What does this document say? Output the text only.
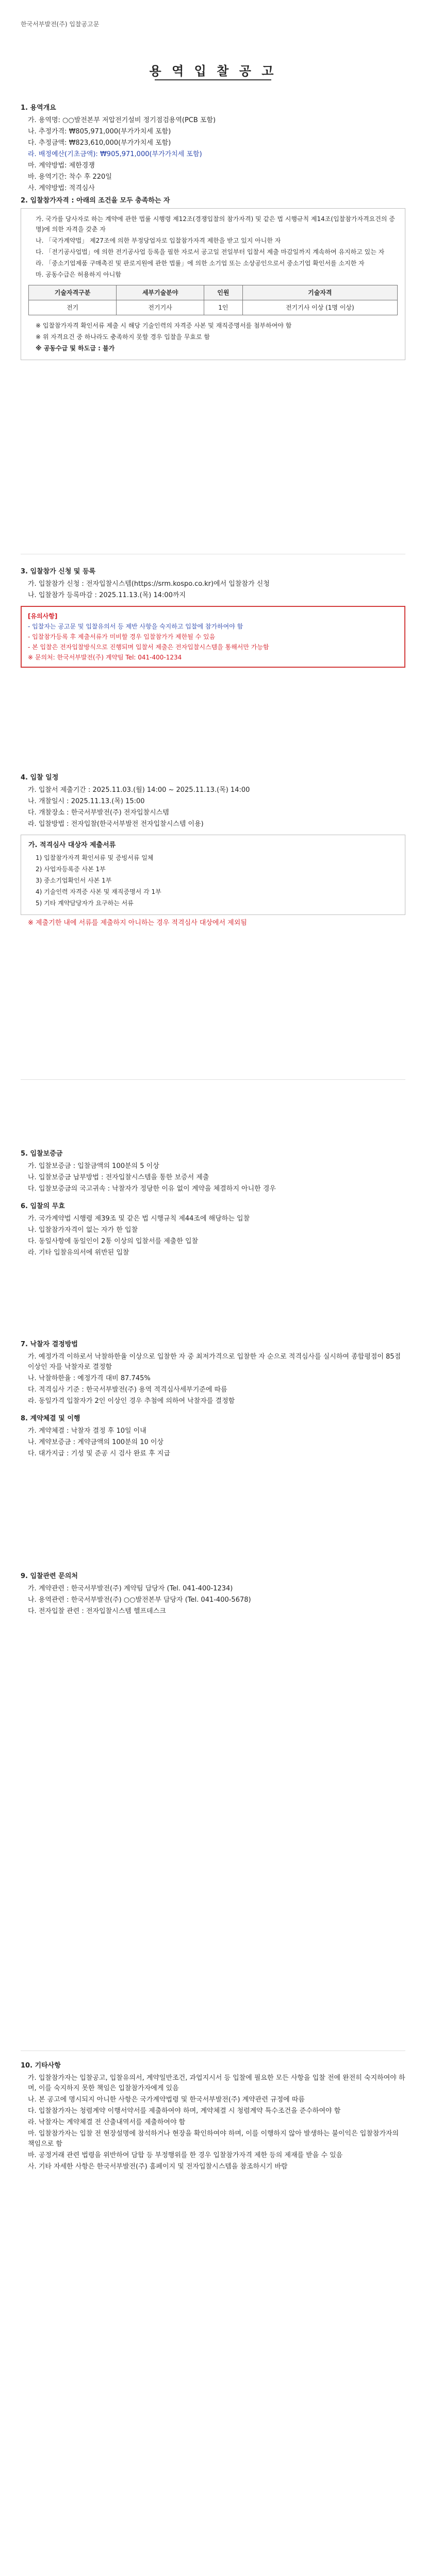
한국서부발전(주) 입찰공고문
용 역 입 찰 공 고
1. 용역개요
가. 용역명: ○○발전본부 저압전기설비 정기점검용역(PCB 포함)
나. 추정가격: ₩805,971,000(부가가치세 포함)
다. 추정금액: ₩823,610,000(부가가치세 포함)
라. 배정예산(기초금액): ₩905,971,000(부가가치세 포함)
마. 계약방법: 제한경쟁
바. 용역기간: 착수 후 220일
사. 계약방법: 적격심사
2. 입찰참가자격 : 아래의 조건을 모두 충족하는 자
가. 국가를 당사자로 하는 계약에 관한 법률 시행령 제12조(경쟁입찰의 참가자격) 및 같은 법 시행규칙 제14조(입찰참가자격요건의 증명)에 의한 자격을 갖춘 자
나. 「국가계약법」 제27조에 의한 부정당업자로 입찰참가자격 제한을 받고 있지 아니한 자
다. 「전기공사업법」에 의한 전기공사업 등록을 필한 자로서 공고일 전일부터 입찰서 제출 마감일까지 계속하여 유지하고 있는 자
라. 「중소기업제품 구매촉진 및 판로지원에 관한 법률」에 의한 소기업 또는 소상공인으로서 중소기업 확인서를 소지한 자
마. 공동수급은 허용하지 아니함
기술자격구분	세부기술분야	인원	기술자격
전기	전기기사	1인	전기기사 이상 (1명 이상)
※ 입찰참가자격 확인서류 제출 시 해당 기술인력의 자격증 사본 및 재직증명서를 첨부하여야 함
※ 위 자격요건 중 하나라도 충족하지 못할 경우 입찰을 무효로 함
※ 공동수급 및 하도급 : 불가
3. 입찰참가 신청 및 등록
가. 입찰참가 신청 : 전자입찰시스템(https://srm.kospo.co.kr)에서 입찰참가 신청
나. 입찰참가 등록마감 : 2025.11.13.(목) 14:00까지
[유의사항]
- 입찰자는 공고문 및 입찰유의서 등 제반 사항을 숙지하고 입찰에 참가하여야 함
- 입찰참가등록 후 제출서류가 미비할 경우 입찰참가가 제한될 수 있음
- 본 입찰은 전자입찰방식으로 진행되며 입찰서 제출은 전자입찰시스템을 통해서만 가능함
※ 문의처: 한국서부발전(주) 계약팀 Tel: 041-400-1234
4. 입찰 일정
가. 입찰서 제출기간 : 2025.11.03.(월) 14:00 ~ 2025.11.13.(목) 14:00
나. 개찰일시 : 2025.11.13.(목) 15:00
다. 개찰장소 : 한국서부발전(주) 전자입찰시스템
라. 입찰방법 : 전자입찰(한국서부발전 전자입찰시스템 이용)
가. 적격심사 대상자 제출서류
1) 입찰참가자격 확인서류 및 증빙서류 일체
2) 사업자등록증 사본 1부
3) 중소기업확인서 사본 1부
4) 기술인력 자격증 사본 및 재직증명서 각 1부
5) 기타 계약담당자가 요구하는 서류
※ 제출기한 내에 서류를 제출하지 아니하는 경우 적격심사 대상에서 제외됨
5. 입찰보증금
가. 입찰보증금 : 입찰금액의 100분의 5 이상
나. 입찰보증금 납부방법 : 전자입찰시스템을 통한 보증서 제출
다. 입찰보증금의 국고귀속 : 낙찰자가 정당한 이유 없이 계약을 체결하지 아니한 경우
6. 입찰의 무효
가. 국가계약법 시행령 제39조 및 같은 법 시행규칙 제44조에 해당하는 입찰
나. 입찰참가자격이 없는 자가 한 입찰
다. 동일사항에 동일인이 2통 이상의 입찰서를 제출한 입찰
라. 기타 입찰유의서에 위반된 입찰
7. 낙찰자 결정방법
가. 예정가격 이하로서 낙찰하한율 이상으로 입찰한 자 중 최저가격으로 입찰한 자 순으로 적격심사를 실시하여 종합평점이 85점 이상인 자를 낙찰자로 결정함
나. 낙찰하한율 : 예정가격 대비 87.745%
다. 적격심사 기준 : 한국서부발전(주) 용역 적격심사세부기준에 따름
라. 동일가격 입찰자가 2인 이상인 경우 추첨에 의하여 낙찰자를 결정함
8. 계약체결 및 이행
가. 계약체결 : 낙찰자 결정 후 10일 이내
나. 계약보증금 : 계약금액의 100분의 10 이상
다. 대가지급 : 기성 및 준공 시 검사 완료 후 지급
9. 입찰관련 문의처
가. 계약관련 : 한국서부발전(주) 계약팀 담당자 (Tel. 041-400-1234)
나. 용역관련 : 한국서부발전(주) ○○발전본부 담당자 (Tel. 041-400-5678)
다. 전자입찰 관련 : 전자입찰시스템 헬프데스크
10. 기타사항
가. 입찰참가자는 입찰공고, 입찰유의서, 계약일반조건, 과업지시서 등 입찰에 필요한 모든 사항을 입찰 전에 완전히 숙지하여야 하며, 이를 숙지하지 못한 책임은 입찰참가자에게 있음
나. 본 공고에 명시되지 아니한 사항은 국가계약법령 및 한국서부발전(주) 계약관련 규정에 따름
다. 입찰참가자는 청렴계약 이행서약서를 제출하여야 하며, 계약체결 시 청렴계약 특수조건을 준수하여야 함
라. 낙찰자는 계약체결 전 산출내역서를 제출하여야 함
마. 입찰참가자는 입찰 전 현장설명에 참석하거나 현장을 확인하여야 하며, 이를 이행하지 않아 발생하는 불이익은 입찰참가자의 책임으로 함
바. 공정거래 관련 법령을 위반하여 담합 등 부정행위를 한 경우 입찰참가자격 제한 등의 제재를 받을 수 있음
사. 기타 자세한 사항은 한국서부발전(주) 홈페이지 및 전자입찰시스템을 참조하시기 바람
